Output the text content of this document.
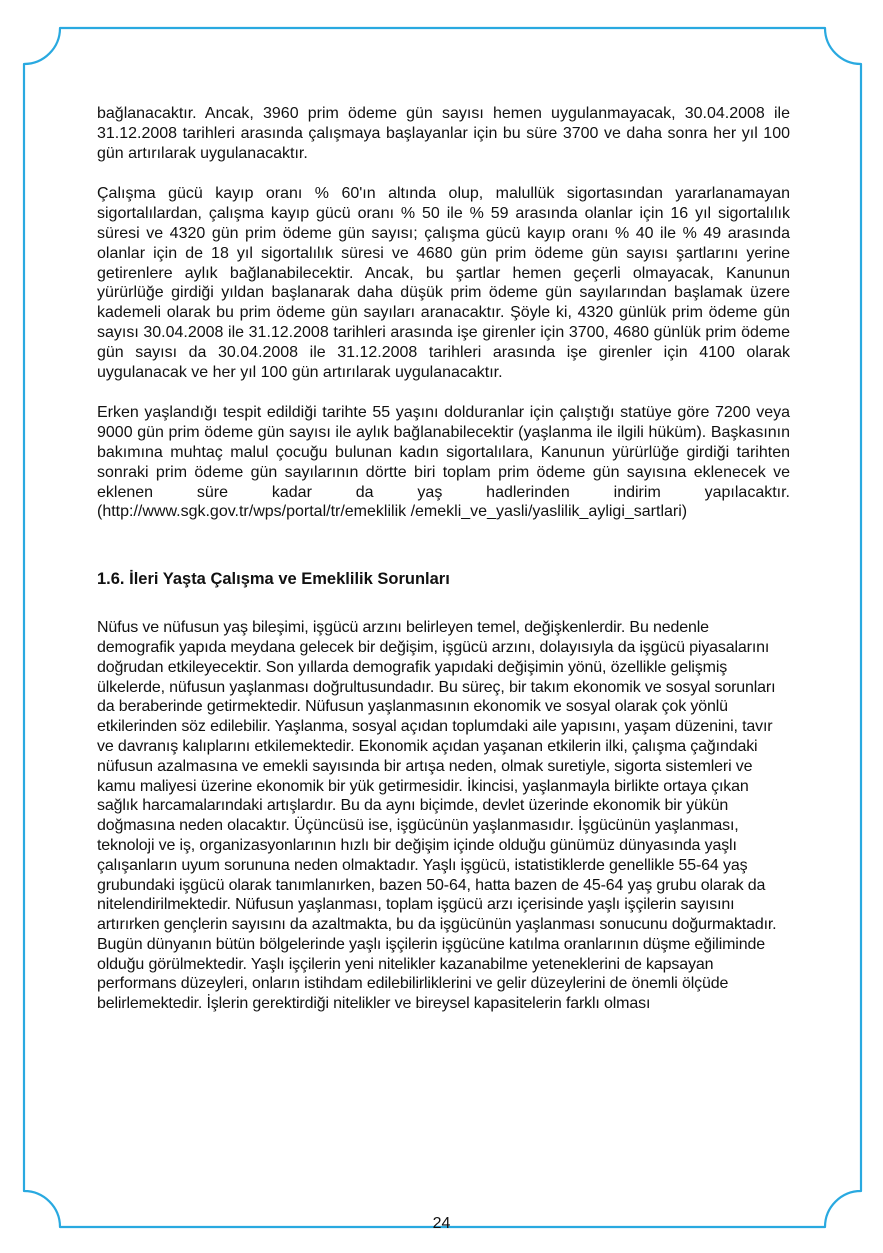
bağlanacaktır. Ancak, 3960 prim ödeme gün sayısı hemen uygulanmayacak, 30.04.2008 ile 31.12.2008 tarihleri arasında çalışmaya başlayanlar için bu süre 3700 ve daha sonra her yıl 100 gün artırılarak uygulanacaktır.

Çalışma gücü kayıp oranı % 60'ın altında olup, malullük sigortasından yararlanamayan sigortalılardan, çalışma kayıp gücü oranı % 50 ile % 59 arasında olanlar için 16 yıl sigortalılık süresi ve 4320 gün prim ödeme gün sayısı; çalışma gücü kayıp oranı % 40 ile % 49 arasında olanlar için de 18 yıl sigortalılık süresi ve 4680 gün prim ödeme gün sayısı şartlarını yerine getirenlere aylık bağlanabilecektir. Ancak, bu şartlar hemen geçerli olmayacak, Kanunun yürürlüğe girdiği yıldan başlanarak daha düşük prim ödeme gün sayılarından başlamak üzere kademeli olarak bu prim ödeme gün sayıları aranacaktır. Şöyle ki, 4320 günlük prim ödeme gün sayısı 30.04.2008 ile 31.12.2008 tarihleri arasında işe girenler için 3700, 4680 günlük prim ödeme gün sayısı da 30.04.2008 ile 31.12.2008 tarihleri arasında işe girenler için 4100 olarak uygulanacak ve her yıl 100 gün artırılarak uygulanacaktır.

Erken yaşlandığı tespit edildiği tarihte 55 yaşını dolduranlar için çalıştığı statüye göre 7200 veya 9000 gün prim ödeme gün sayısı ile aylık bağlanabilecektir (yaşlanma ile ilgili hüküm). Başkasının bakımına muhtaç malul çocuğu bulunan kadın sigortalılara, Kanunun yürürlüğe girdiği tarihten sonraki prim ödeme gün sayılarının dörtte biri toplam prim ödeme gün sayısına eklenecek ve eklenen süre kadar da yaş hadlerinden indirim yapılacaktır. (http://www.sgk.gov.tr/wps/portal/tr/emeklilik /emekli_ve_yasli/yaslilik_ayligi_sartlari)

1.6. İleri Yaşta Çalışma ve Emeklilik Sorunları

Nüfus ve nüfusun yaş bileşimi, işgücü arzını belirleyen temel, değişkenlerdir. Bu nedenle demografik yapıda meydana gelecek bir değişim, işgücü arzını, dolayısıyla da işgücü piyasalarını doğrudan etkileyecektir. Son yıllarda demografik yapıdaki değişimin yönü, özellikle gelişmiş ülkelerde, nüfusun yaşlanması doğrultusundadır. Bu süreç, bir takım ekonomik ve sosyal sorunları da beraberinde getirmektedir. Nüfusun yaşlanmasının ekonomik ve sosyal olarak çok yönlü etkilerinden söz edilebilir. Yaşlanma, sosyal açıdan toplumdaki aile yapısını, yaşam düzenini, tavır ve davranış kalıplarını etkilemektedir. Ekonomik açıdan yaşanan etkilerin ilki, çalışma çağındaki nüfusun azalmasına ve emekli sayısında bir artışa neden, olmak suretiyle, sigorta sistemleri ve kamu maliyesi üzerine ekonomik bir yük getirmesidir. İkincisi, yaşlanmayla birlikte ortaya çıkan sağlık harcamalarındaki artışlardır. Bu da aynı biçimde, devlet üzerinde ekonomik bir yükün doğmasına neden olacaktır. Üçüncüsü ise, işgücünün yaşlanmasıdır. İşgücünün yaşlanması, teknoloji ve iş, organizasyonlarının hızlı bir değişim içinde olduğu günümüz dünyasında yaşlı çalışanların uyum sorununa neden olmaktadır. Yaşlı işgücü, istatistiklerde genellikle 55-64 yaş grubundaki işgücü olarak tanımlanırken, bazen 50-64, hatta bazen de 45-64 yaş grubu olarak da nitelendirilmektedir. Nüfusun yaşlanması, toplam işgücü arzı içerisinde yaşlı işçilerin sayısını artırırken gençlerin sayısını da azaltmakta, bu da işgücünün yaşlanması sonucunu doğurmaktadır. Bugün dünyanın bütün bölgelerinde yaşlı işçilerin işgücüne katılma oranlarının düşme eğiliminde olduğu görülmektedir. Yaşlı işçilerin yeni nitelikler kazanabilme yeteneklerini de kapsayan performans düzeyleri, onların istihdam edilebilirliklerini ve gelir düzeylerini de önemli ölçüde belirlemektedir. İşlerin gerektirdiği nitelikler ve bireysel kapasitelerin farklı olması

24
